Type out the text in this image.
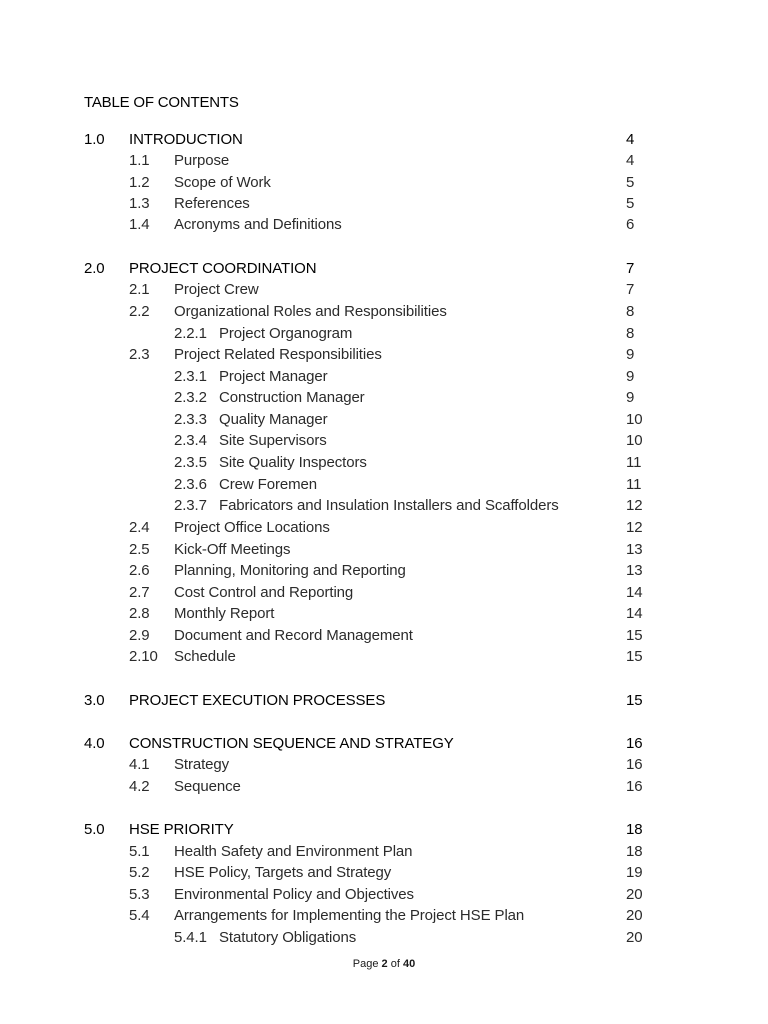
TABLE OF CONTENTS
1.0 INTRODUCTION	4
1.1 Purpose	4
1.2 Scope of Work	5
1.3 References	5
1.4 Acronyms and Definitions	6
2.0 PROJECT COORDINATION	7
2.1 Project Crew	7
2.2 Organizational Roles and Responsibilities	8
2.2.1 Project Organogram	8
2.3 Project Related Responsibilities	9
2.3.1 Project Manager	9
2.3.2 Construction Manager	9
2.3.3 Quality Manager	10
2.3.4 Site Supervisors	10
2.3.5 Site Quality Inspectors	11
2.3.6 Crew Foremen	11
2.3.7 Fabricators and Insulation Installers and Scaffolders	12
2.4 Project Office Locations	12
2.5 Kick-Off Meetings	13
2.6 Planning, Monitoring and Reporting	13
2.7 Cost Control and Reporting	14
2.8 Monthly Report	14
2.9 Document and Record Management	15
2.10 Schedule	15
3.0 PROJECT EXECUTION PROCESSES	15
4.0 CONSTRUCTION SEQUENCE AND STRATEGY	16
4.1 Strategy	16
4.2 Sequence	16
5.0 HSE PRIORITY	18
5.1 Health Safety and Environment Plan	18
5.2 HSE Policy, Targets and Strategy	19
5.3 Environmental Policy and Objectives	20
5.4 Arrangements for Implementing the Project HSE Plan	20
5.4.1 Statutory Obligations	20
Page 2 of 40
